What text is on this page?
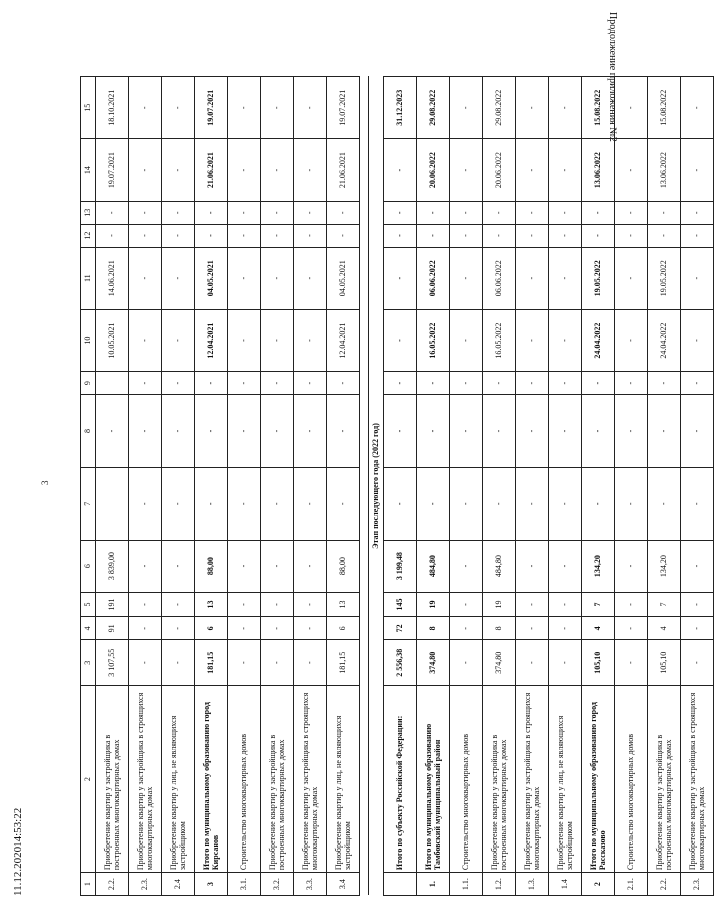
Продолжение приложения №2
3
1	2	3	4	5	6	7	8	9	10	11	12	13	14	15
2.2.	Приобретение квартир у застройщика в построенных многоквартирных домах	3 107,55	91	191	3 839,00		-		10.05.2021	14.06.2021	-	-	19.07.2021	18.10.2021
2.3.	Приобретение квартир у застройщика в строящихся многоквартирных домах	-	-	-	-	-	-	-	-	-	-	-	-	-
2.4	Приобретение квартир у лиц, не являющихся застройщиком	-	-	-	-	-	-	-	-	-	-	-	-	-
3	Итого по муниципальному образованию город Кирсанов	181,15	6	13	88,00	-	-	-	12.04.2021	04.05.2021	-	-	21.06.2021	19.07.2021
3.1.	Строительство многоквартирных домов	-	-	-	-	-	-	-	-	-	-	-	-	-
3.2.	Приобретение квартир у застройщика в построенных многоквартирных домах	-	-	-	-	-	-	-	-	-	-	-	-	-
3.3.	Приобретение квартир у застройщика в строящихся многоквартирных домах	-	-	-	-	-	-	-	-	-	-	-	-	-
3.4	Приобретение квартир у лиц, не являющихся застройщиком	181,15	6	13	88,00	-	-	-	12.04.2021	04.05.2021	-	-	21.06.2021	19.07.2021

Этап последующего года (2022 год)														
	Итого по субъекту Российской Федерации:	2 556,38	72	145	3 199,48	-	-	-	-	-	-	-	-	31.12.2023
1.	Итого по муниципальному образованию Тамбовский муниципальный район	374,80	8	19	484,80	-	-	-	16.05.2022	06.06.2022	-	-	20.06.2022	29.08.2022
1.1.	Строительство многоквартирных домов	-	-	-	-	-	-	-	-	-	-	-	-	-
1.2.	Приобретение квартир у застройщика в построенных многоквартирных домах	374,80	8	19	484,80	-	-	-	16.05.2022	06.06.2022	-	-	20.06.2022	29.08.2022
1.3.	Приобретение квартир у застройщика в строящихся многоквартирных домах	-	-	-	-	-	-	-	-	-	-	-	-	-
1.4	Приобретение квартир у лиц, не являющихся застройщиком	-	-	-	-	-	-	-	-	-	-	-	-	-
2	Итого по муниципальному образованию город Рассказово	105,10	4	7	134,20	-	-	-	24.04.2022	19.05.2022	-	-	13.06.2022	15.08.2022
2.1.	Строительство многоквартирных домов	-	-	-	-	-	-	-	-	-	-	-	-	-
2.2.	Приобретение квартир у застройщика в построенных многоквартирных домах	105,10	4	7	134,20	-	-	-	24.04.2022	19.05.2022	-	-	13.06.2022	15.08.2022
2.3.	Приобретение квартир у застройщика в строящихся многоквартирных домах	-	-	-	-	-	-	-	-	-	-	-	-	-
11.12.202014:53:22
